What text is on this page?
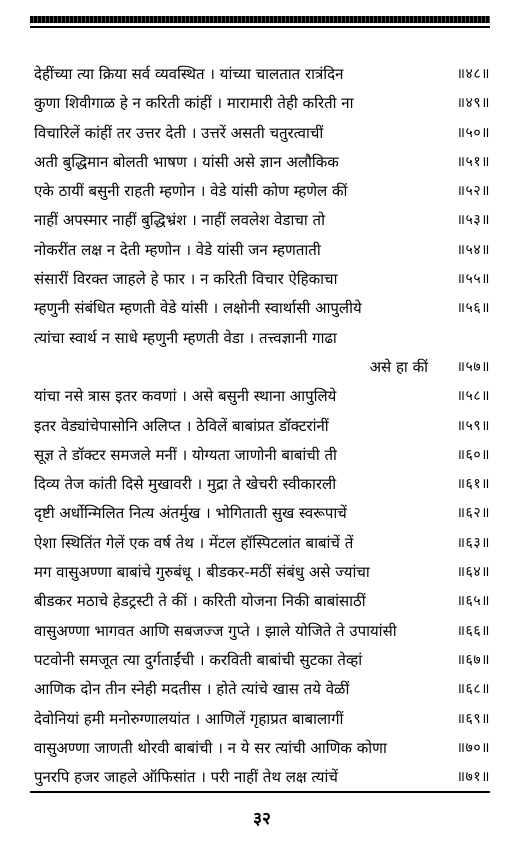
देहींच्या त्या क्रिया सर्व व्यवस्थित । यांच्या चालतात रात्रंदिन	॥४८॥
कुणा शिवीगाळ हे न करिती कांहीं । मारामारी तेही करिती ना	॥४९॥
विचारिलें कांहीं तर उत्तर देती । उत्तरें असती चतुरत्वाचीं	॥५०॥
अती बुद्धिमान बोलती भाषण । यांसी असे ज्ञान अलौकिक	॥५१॥
एके ठायीं बसुनी राहती म्हणोन । वेडे यांसी कोण म्हणेल कीं	॥५२॥
नाहीं अपस्मार नाहीं बुद्धिभ्रंश । नाहीं लवलेश वेडाचा तो	॥५३॥
नोकरींत लक्ष न देती म्हणोन । वेडे यांसी जन म्हणताती	॥५४॥
संसारीं विरक्त जाहले हे फार । न करिती विचार ऐहिकाचा	॥५५॥
म्हणुनी संबंधित म्हणती वेडे यांसी । लक्षोनी स्वार्थासी आपुलीये	॥५६॥
त्यांचा स्वार्थ न साधे म्हणुनी म्हणती वेडा । तत्त्वज्ञानी गाढा
असे हा कीं ॥५७॥
यांचा नसे त्रास इतर कवणां । असे बसुनी स्थाना आपुलिये	॥५८॥
इतर वेड्यांचेपासोनि अलिप्त । ठेविलें बाबांप्रत डॉक्टरांनीं	॥५९॥
सूज्ञ ते डॉक्टर समजले मनीं । योग्यता जाणोनी बाबांची ती	॥६०॥
दिव्य तेज कांती दिसे मुखावरी । मुद्रा ते खेचरी स्वीकारली	॥६१॥
दृष्टी अर्धोन्मिलित नित्य अंतर्मुख । भोगिताती सुख स्वरूपाचें	॥६२॥
ऐशा स्थितिंत गेलें एक वर्ष तेथ । मेंटल हॉस्पिटलांत बाबांचें तें	॥६३॥
मग वासुअण्णा बाबांचे गुरुबंधू । बीडकर-मठीं संबंधु असे ज्यांचा	॥६४॥
बीडकर मठाचे हेडट्रस्टी ते कीं । करिती योजना निकी बाबांसाठीं	॥६५॥
वासुअण्णा भागवत आणि सबजज्ज गुप्ते । झाले योजिते ते उपायांसी	॥६६॥
पटवोनी समजूत त्या दुर्गताईंची । करविती बाबांची सुटका तेव्हां	॥६७॥
आणिक दोन तीन स्नेही मदतीस । होते त्यांचे खास तये वेळीं	॥६८॥
देवोनियां हमी मनोरुग्णालयांत । आणिलें गृहाप्रत बाबालागीं	॥६९॥
वासुअण्णा जाणती थोरवी बाबांची । न ये सर त्यांची आणिक कोणा	॥७०॥
पुनरपि हजर जाहले ऑफिसांत । परी नाहीं तेथ लक्ष त्यांचें	॥७१॥
३२
